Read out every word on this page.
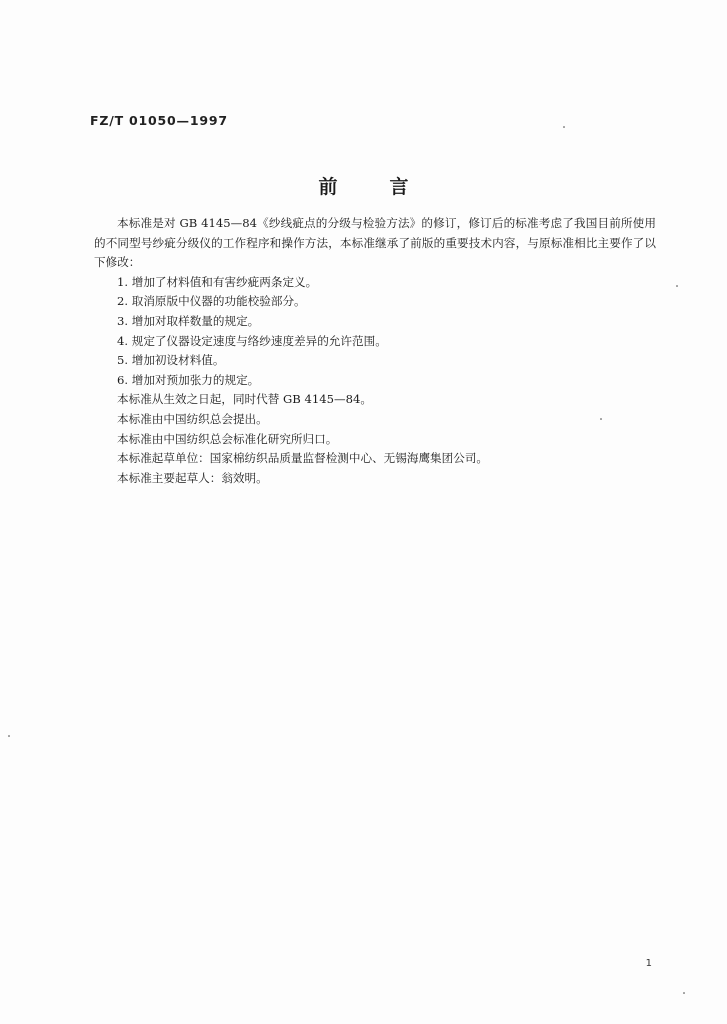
FZ/T 01050—1997
前言

本标准是对 GB 4145—84《纱线疵点的分级与检验方法》的修订，修订后的标准考虑了我国目前所使用的不同型号纱疵分级仪的工作程序和操作方法，本标准继承了前版的重要技术内容，与原标准相比主要作了以下修改：

1. 增加了材料值和有害纱疵两条定义。

2. 取消原版中仪器的功能校验部分。

3. 增加对取样数量的规定。

4. 规定了仪器设定速度与络纱速度差异的允许范围。

5. 增加初设材料值。

6. 增加对预加张力的规定。

本标准从生效之日起，同时代替 GB 4145—84。

本标准由中国纺织总会提出。

本标准由中国纺织总会标准化研究所归口。

本标准起草单位：国家棉纺织品质量监督检测中心、无锡海鹰集团公司。

本标准主要起草人：翁效明。

1
